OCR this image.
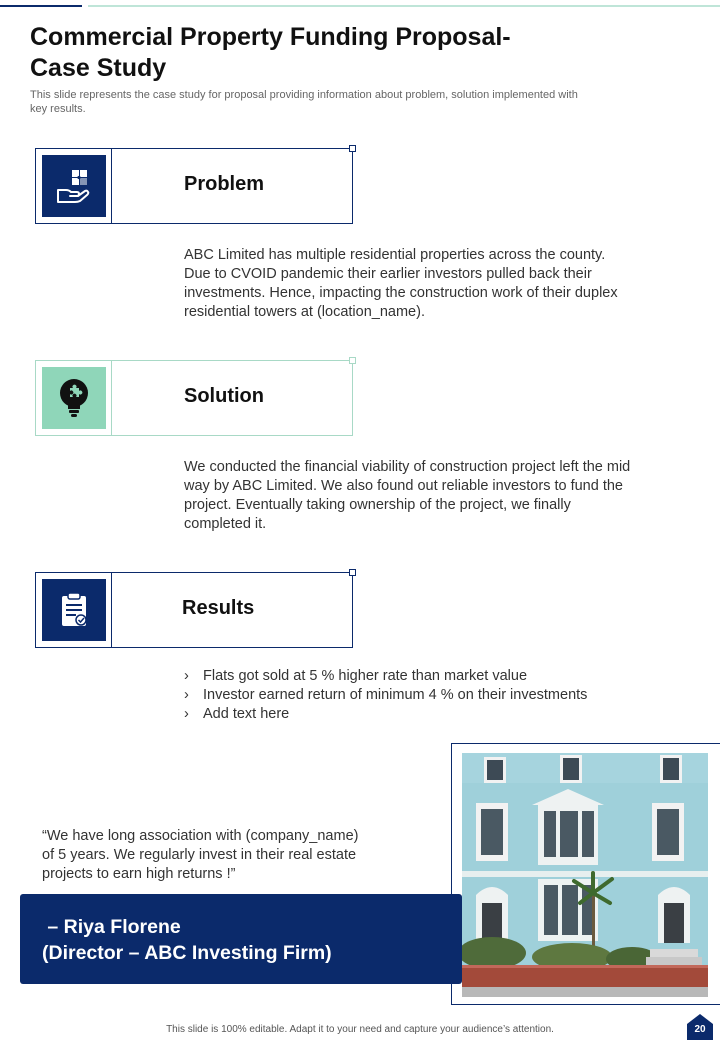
Commercial Property Funding Proposal-
Case Study

This slide represents the case study for proposal providing information about problem, solution implemented with
key results.

Problem
ABC Limited has multiple residential properties across the county.
Due to CVOID pandemic their earlier investors pulled back their
investments. Hence, impacting the construction work of their duplex
residential towers at (location_name).
Solution
We conducted the financial viability of construction project left the mid
way by ABC Limited. We also found out reliable investors to fund the
project. Eventually taking ownership of the project, we finally
completed it.
Results
› Flats got sold at 5 % higher rate than market value
› Investor earned return of minimum 4 % on their investments
› Add text here
“We have long association with (company_name)
of 5 years. We regularly invest in their real estate
projects to earn high returns !”
– Riya Florene
(Director – ABC Investing Firm)
This slide is 100% editable. Adapt it to your need and capture your audience’s attention.	20
